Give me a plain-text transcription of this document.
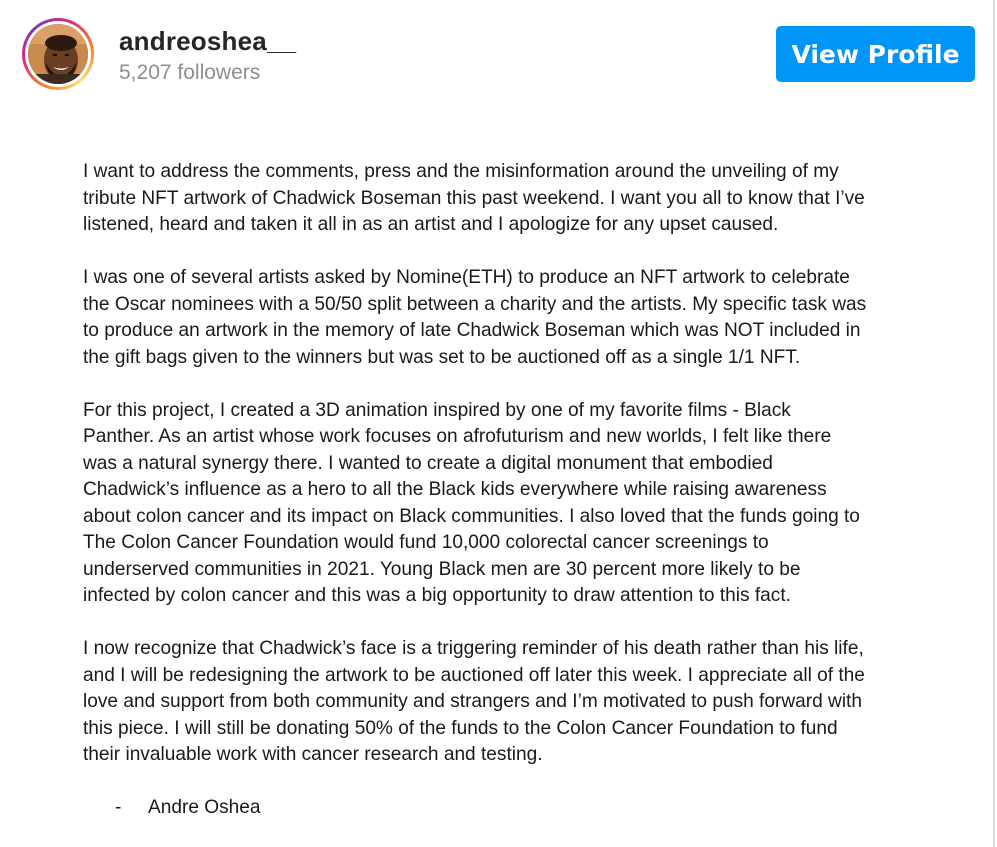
andreoshea__
5,207 followers
View Profile

I want to address the comments, press and the misinformation around the unveiling of my
tribute NFT artwork of Chadwick Boseman this past weekend. I want you all to know that I’ve
listened, heard and taken it all in as an artist and I apologize for any upset caused.

I was one of several artists asked by Nomine(ETH) to produce an NFT artwork to celebrate
the Oscar nominees with a 50/50 split between a charity and the artists. My specific task was
to produce an artwork in the memory of late Chadwick Boseman which was NOT included in
the gift bags given to the winners but was set to be auctioned off as a single 1/1 NFT.

For this project, I created a 3D animation inspired by one of my favorite films - Black
Panther. As an artist whose work focuses on afrofuturism and new worlds, I felt like there
was a natural synergy there. I wanted to create a digital monument that embodied
Chadwick’s influence as a hero to all the Black kids everywhere while raising awareness
about colon cancer and its impact on Black communities. I also loved that the funds going to
The Colon Cancer Foundation would fund 10,000 colorectal cancer screenings to
underserved communities in 2021. Young Black men are 30 percent more likely to be
infected by colon cancer and this was a big opportunity to draw attention to this fact.

I now recognize that Chadwick’s face is a triggering reminder of his death rather than his life,
and I will be redesigning the artwork to be auctioned off later this week. I appreciate all of the
love and support from both community and strangers and I’m motivated to push forward with
this piece. I will still be donating 50% of the funds to the Colon Cancer Foundation to fund
their invaluable work with cancer research and testing.

- Andre Oshea
